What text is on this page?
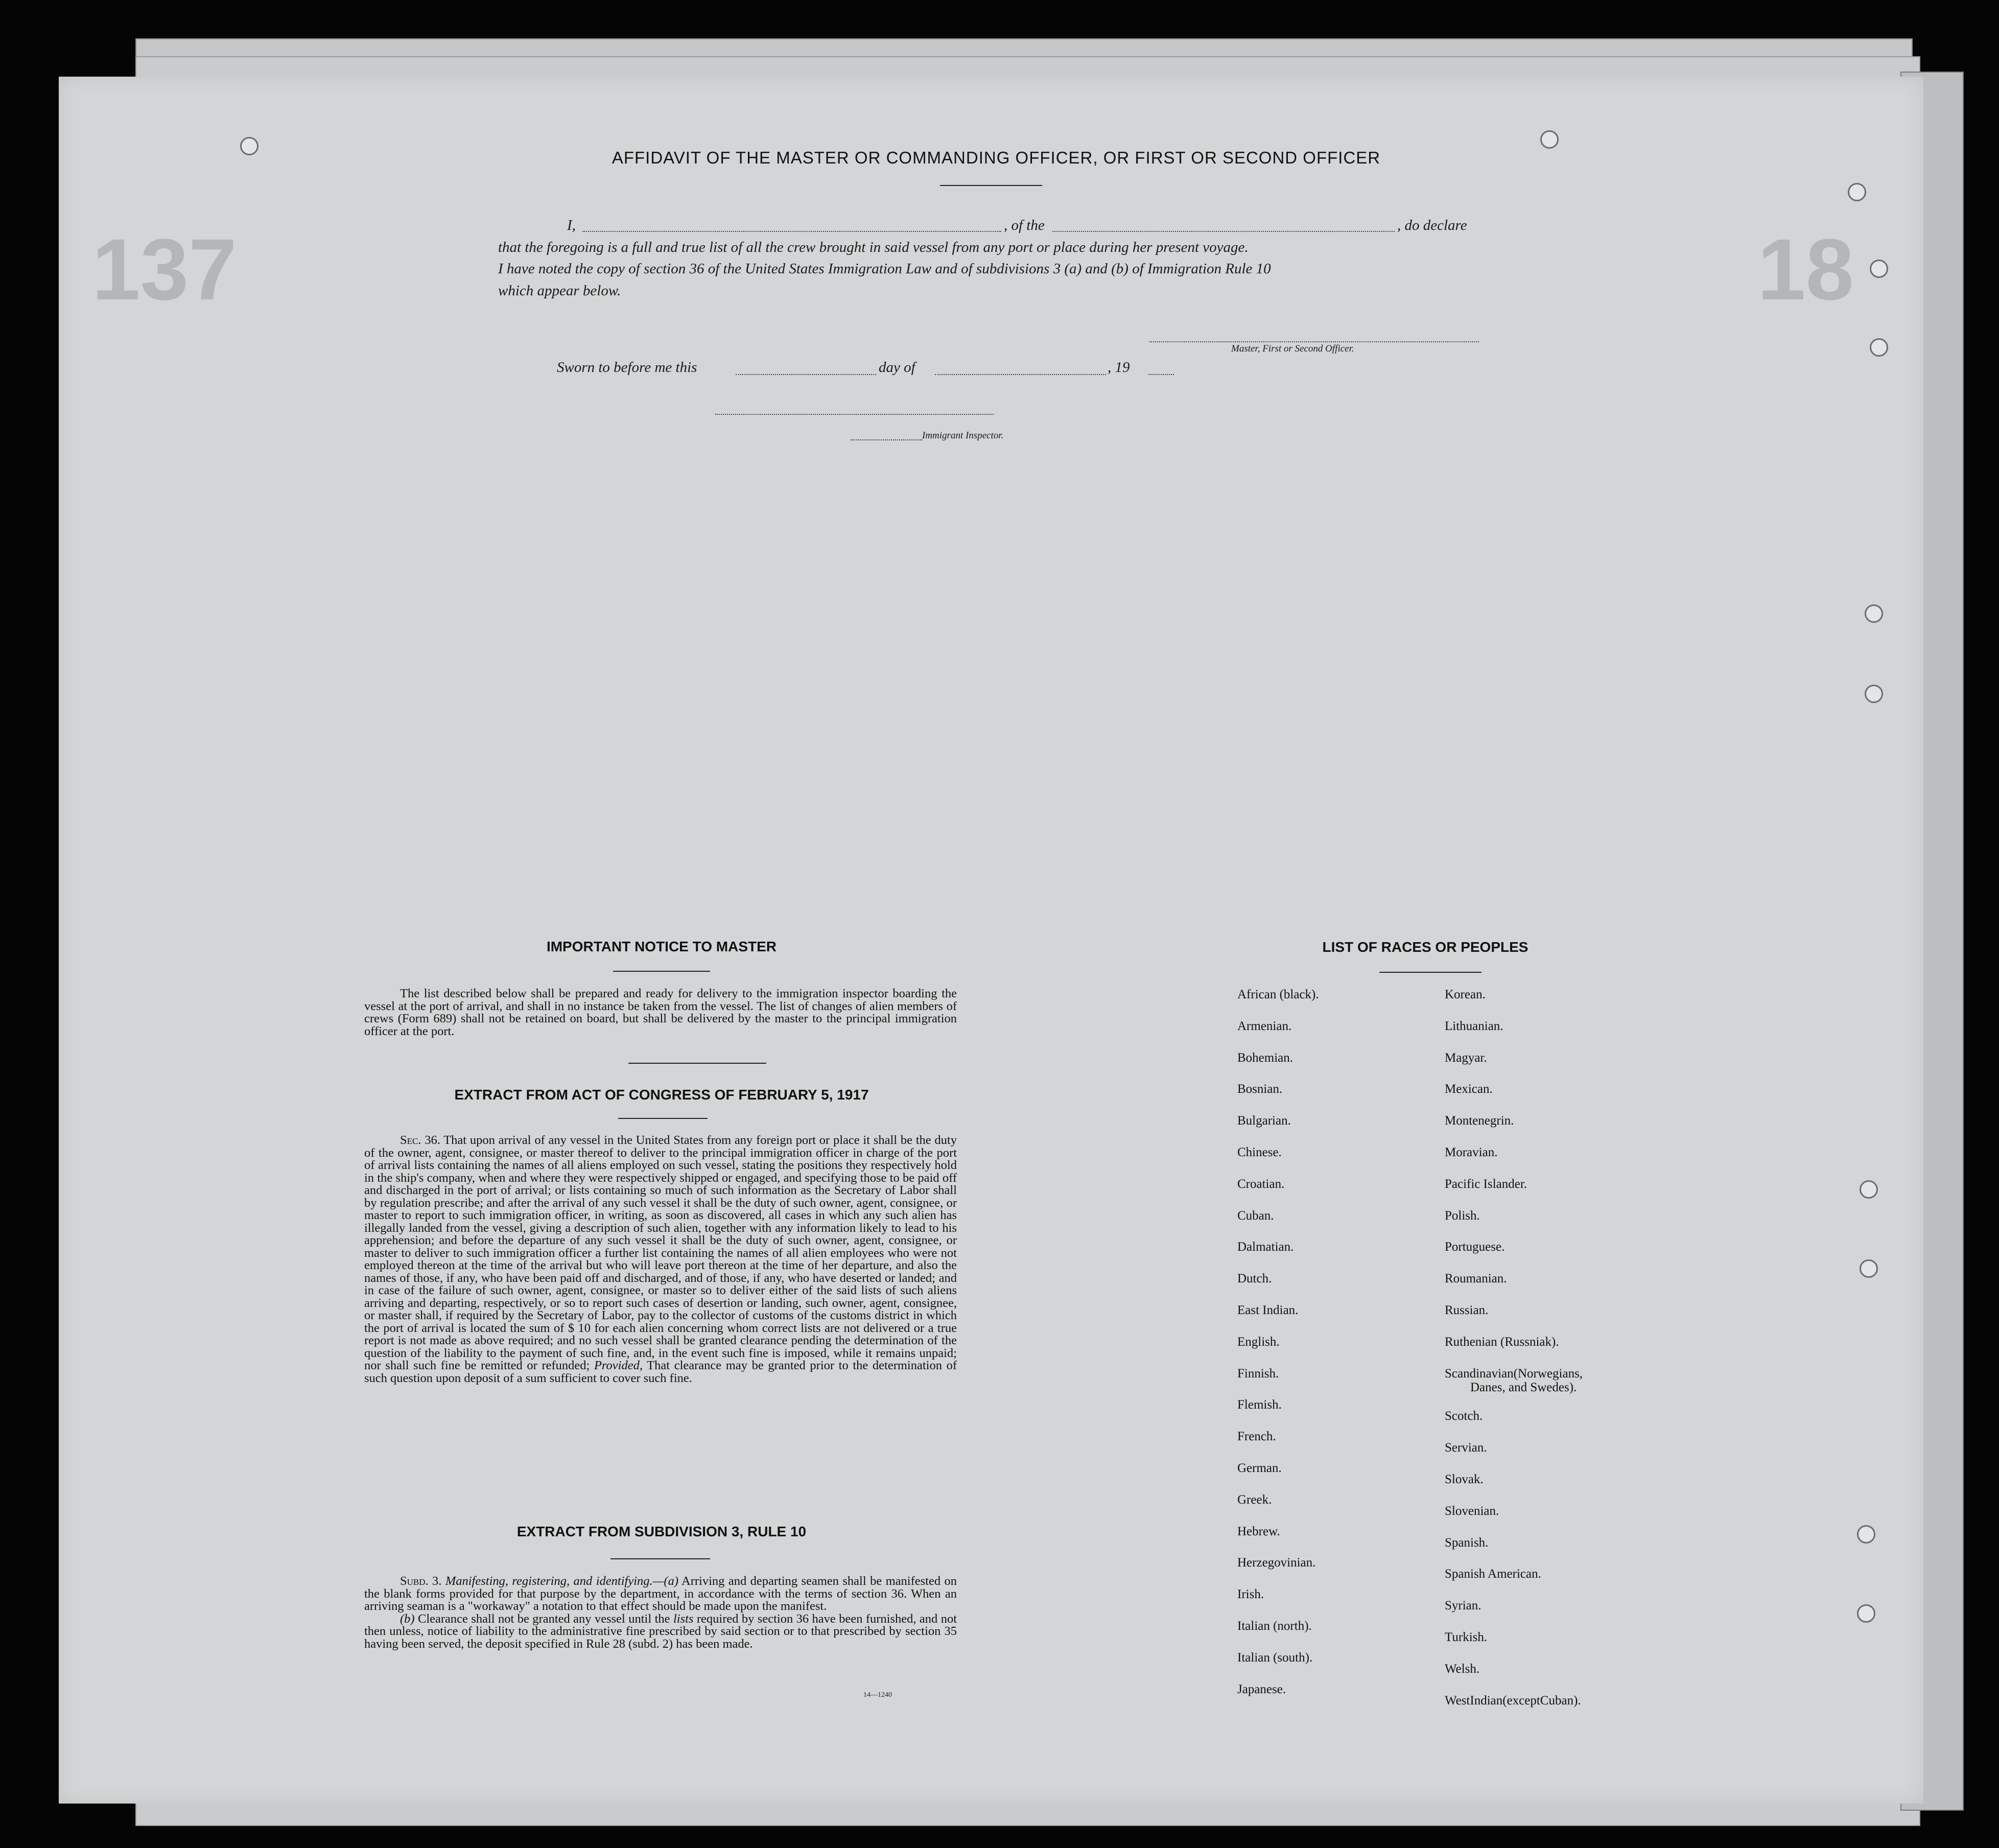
137	18
AFFIDAVIT OF THE MASTER OR COMMANDING OFFICER, OR FIRST OR SECOND OFFICER
I,	, of the	, do declare
that the foregoing is a full and true list of all the crew brought in said vessel from any port or place during her present voyage.
I have noted the copy of section 36 of the United States Immigration Law and of subdivisions 3 (a) and (b) of Immigration Rule 10
which appear below.
Master, First or Second Officer.
Sworn to before me this	day of	, 19
Immigrant Inspector.
IMPORTANT NOTICE TO MASTER

The list described below shall be prepared and ready for delivery to the immigration inspector boarding the vessel at the port of arrival, and shall in no instance be taken from the vessel. The list of changes of alien members of crews (Form 689) shall not be retained on board, but shall be delivered by the master to the principal immigration officer at the port.

EXTRACT FROM ACT OF CONGRESS OF FEBRUARY 5, 1917

Sec. 36. That upon arrival of any vessel in the United States from any foreign port or place it shall be the duty of the owner, agent, consignee, or master thereof to deliver to the principal immigration officer in charge of the port of arrival lists containing the names of all aliens employed on such vessel, stating the positions they respectively hold in the ship's company, when and where they were respectively shipped or engaged, and specifying those to be paid off and discharged in the port of arrival; or lists containing so much of such information as the Secretary of Labor shall by regulation prescribe; and after the arrival of any such vessel it shall be the duty of such owner, agent, consignee, or master to report to such immigration officer, in writing, as soon as discovered, all cases in which any such alien has illegally landed from the vessel, giving a description of such alien, together with any information likely to lead to his apprehension; and before the departure of any such vessel it shall be the duty of such owner, agent, consignee, or master to deliver to such immigration officer a further list containing the names of all alien employees who were not employed thereon at the time of the arrival but who will leave port thereon at the time of her departure, and also the names of those, if any, who have been paid off and discharged, and of those, if any, who have deserted or landed; and in case of the failure of such owner, agent, consignee, or master so to deliver either of the said lists of such aliens arriving and departing, respectively, or so to report such cases of desertion or landing, such owner, agent, consignee, or master shall, if required by the Secretary of Labor, pay to the collector of customs of the customs district in which the port of arrival is located the sum of $ 10 for each alien concerning whom correct lists are not delivered or a true report is not made as above required; and no such vessel shall be granted clearance pending the determination of the question of the liability to the payment of such fine, and, in the event such fine is imposed, while it remains unpaid; nor shall such fine be remitted or refunded; Provided, That clearance may be granted prior to the determination of such question upon deposit of a sum sufficient to cover such fine.

EXTRACT FROM SUBDIVISION 3, RULE 10

Subd. 3. Manifesting, registering, and identifying.—(a) Arriving and departing seamen shall be manifested on the blank forms provided for that purpose by the department, in accordance with the terms of section 36. When an arriving seaman is a "workaway" a notation to that effect should be made upon the manifest.

(b) Clearance shall not be granted any vessel until the lists required by section 36 have been furnished, and not then unless, notice of liability to the administrative fine prescribed by said section or to that prescribed by section 35 having been served, the deposit specified in Rule 28 (subd. 2) has been made.

14—1240
LIST OF RACES OR PEOPLES
African (black).
Armenian.
Bohemian.
Bosnian.
Bulgarian.
Chinese.
Croatian.
Cuban.
Dalmatian.
Dutch.
East Indian.
English.
Finnish.
Flemish.
French.
German.
Greek.
Hebrew.
Herzegovinian.
Irish.
Italian (north).
Italian (south).
Japanese.
Korean.
Lithuanian.
Magyar.
Mexican.
Montenegrin.
Moravian.
Pacific Islander.
Polish.
Portuguese.
Roumanian.
Russian.
Ruthenian (Russniak).
Scandinavian(Norwegians,
Danes, and Swedes).
Scotch.
Servian.
Slovak.
Slovenian.
Spanish.
Spanish American.
Syrian.
Turkish.
Welsh.
WestIndian(exceptCuban).
